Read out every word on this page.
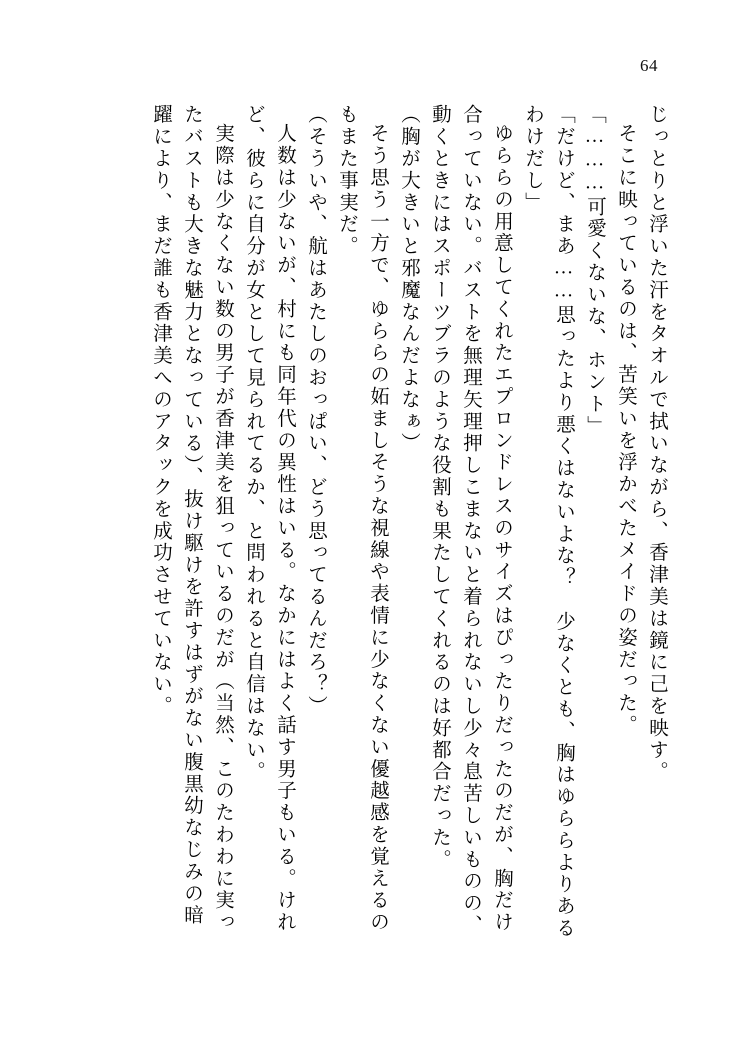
64
じっとりと浮いた汗をタオルで拭いながら、香津美は鏡に己を映す。
そこに映っているのは、苦笑いを浮かべたメイドの姿だった。
「………可愛くないな、ホント」
「だけど、まあ……思ったより悪くはないよな？　少なくとも、胸はゆららよりある
わけだし」
ゆららの用意してくれたエプロンドレスのサイズはぴったりだったのだが、胸だけ
合っていない。バストを無理矢理押しこまないと着られないし少々息苦しいものの、
動くときにはスポーツブラのような役割も果たしてくれるのは好都合だった。
（胸が大きいと邪魔なんだよなぁ）
そう思う一方で、ゆららの妬ましそうな視線や表情に少なくない優越感を覚えるの
もまた事実だ。
（そういや、航はあたしのおっぱい、どう思ってるんだろ？）
人数は少ないが、村にも同年代の異性はいる。なかにはよく話す男子もいる。けれ
ど、彼らに自分が女として見られてるか、と問われると自信はない。
実際は少なくない数の男子が香津美を狙っているのだが（当然、このたわわに実っ
たバストも大きな魅力となっている）、抜け駆けを許すはずがない腹黒幼なじみの暗
躍により、まだ誰も香津美へのアタックを成功させていない。
